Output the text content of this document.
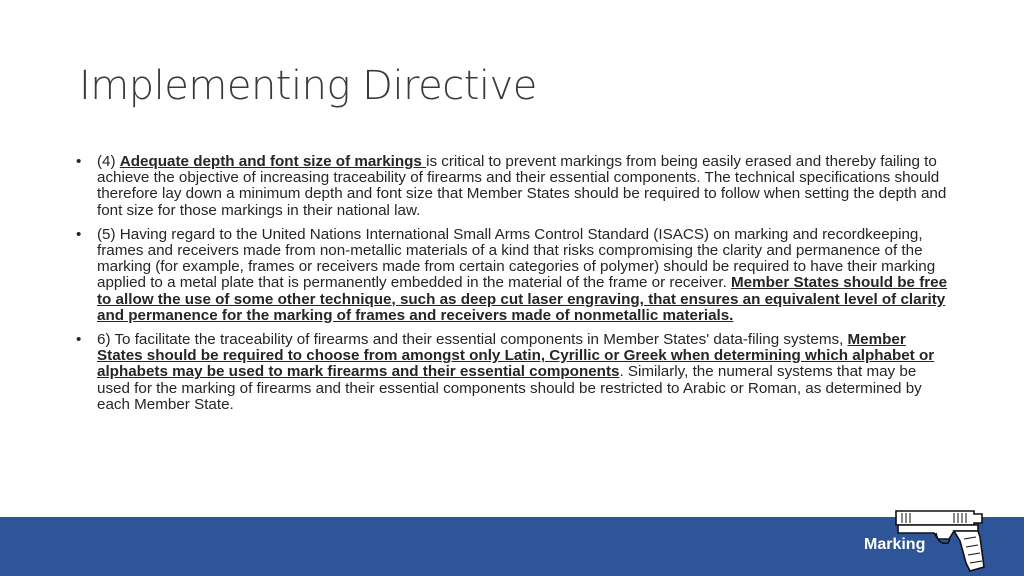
Implementing Directive
• (4) Adequate depth and font size of markings is critical to prevent markings from being easily erased and thereby failing to achieve the objective of increasing traceability of firearms and their essential components. The technical specifications should therefore lay down a minimum depth and font size that Member States should be required to follow when setting the depth and font size for those markings in their national law.
• (5) Having regard to the United Nations International Small Arms Control Standard (ISACS) on marking and recordkeeping, frames and receivers made from non-metallic materials of a kind that risks compromising the clarity and permanence of the marking (for example, frames or receivers made from certain categories of polymer) should be required to have their marking applied to a metal plate that is permanently embedded in the material of the frame or receiver. Member States should be free to allow the use of some other technique, such as deep cut laser engraving, that ensures an equivalent level of clarity and permanence for the marking of frames and receivers made of nonmetallic materials.
• 6) To facilitate the traceability of firearms and their essential components in Member States' data-filing systems, Member States should be required to choose from amongst only Latin, Cyrillic or Greek when determining which alphabet or alphabets may be used to mark firearms and their essential components. Similarly, the numeral systems that may be used for the marking of firearms and their essential components should be restricted to Arabic or Roman, as determined by each Member State.
Marking
